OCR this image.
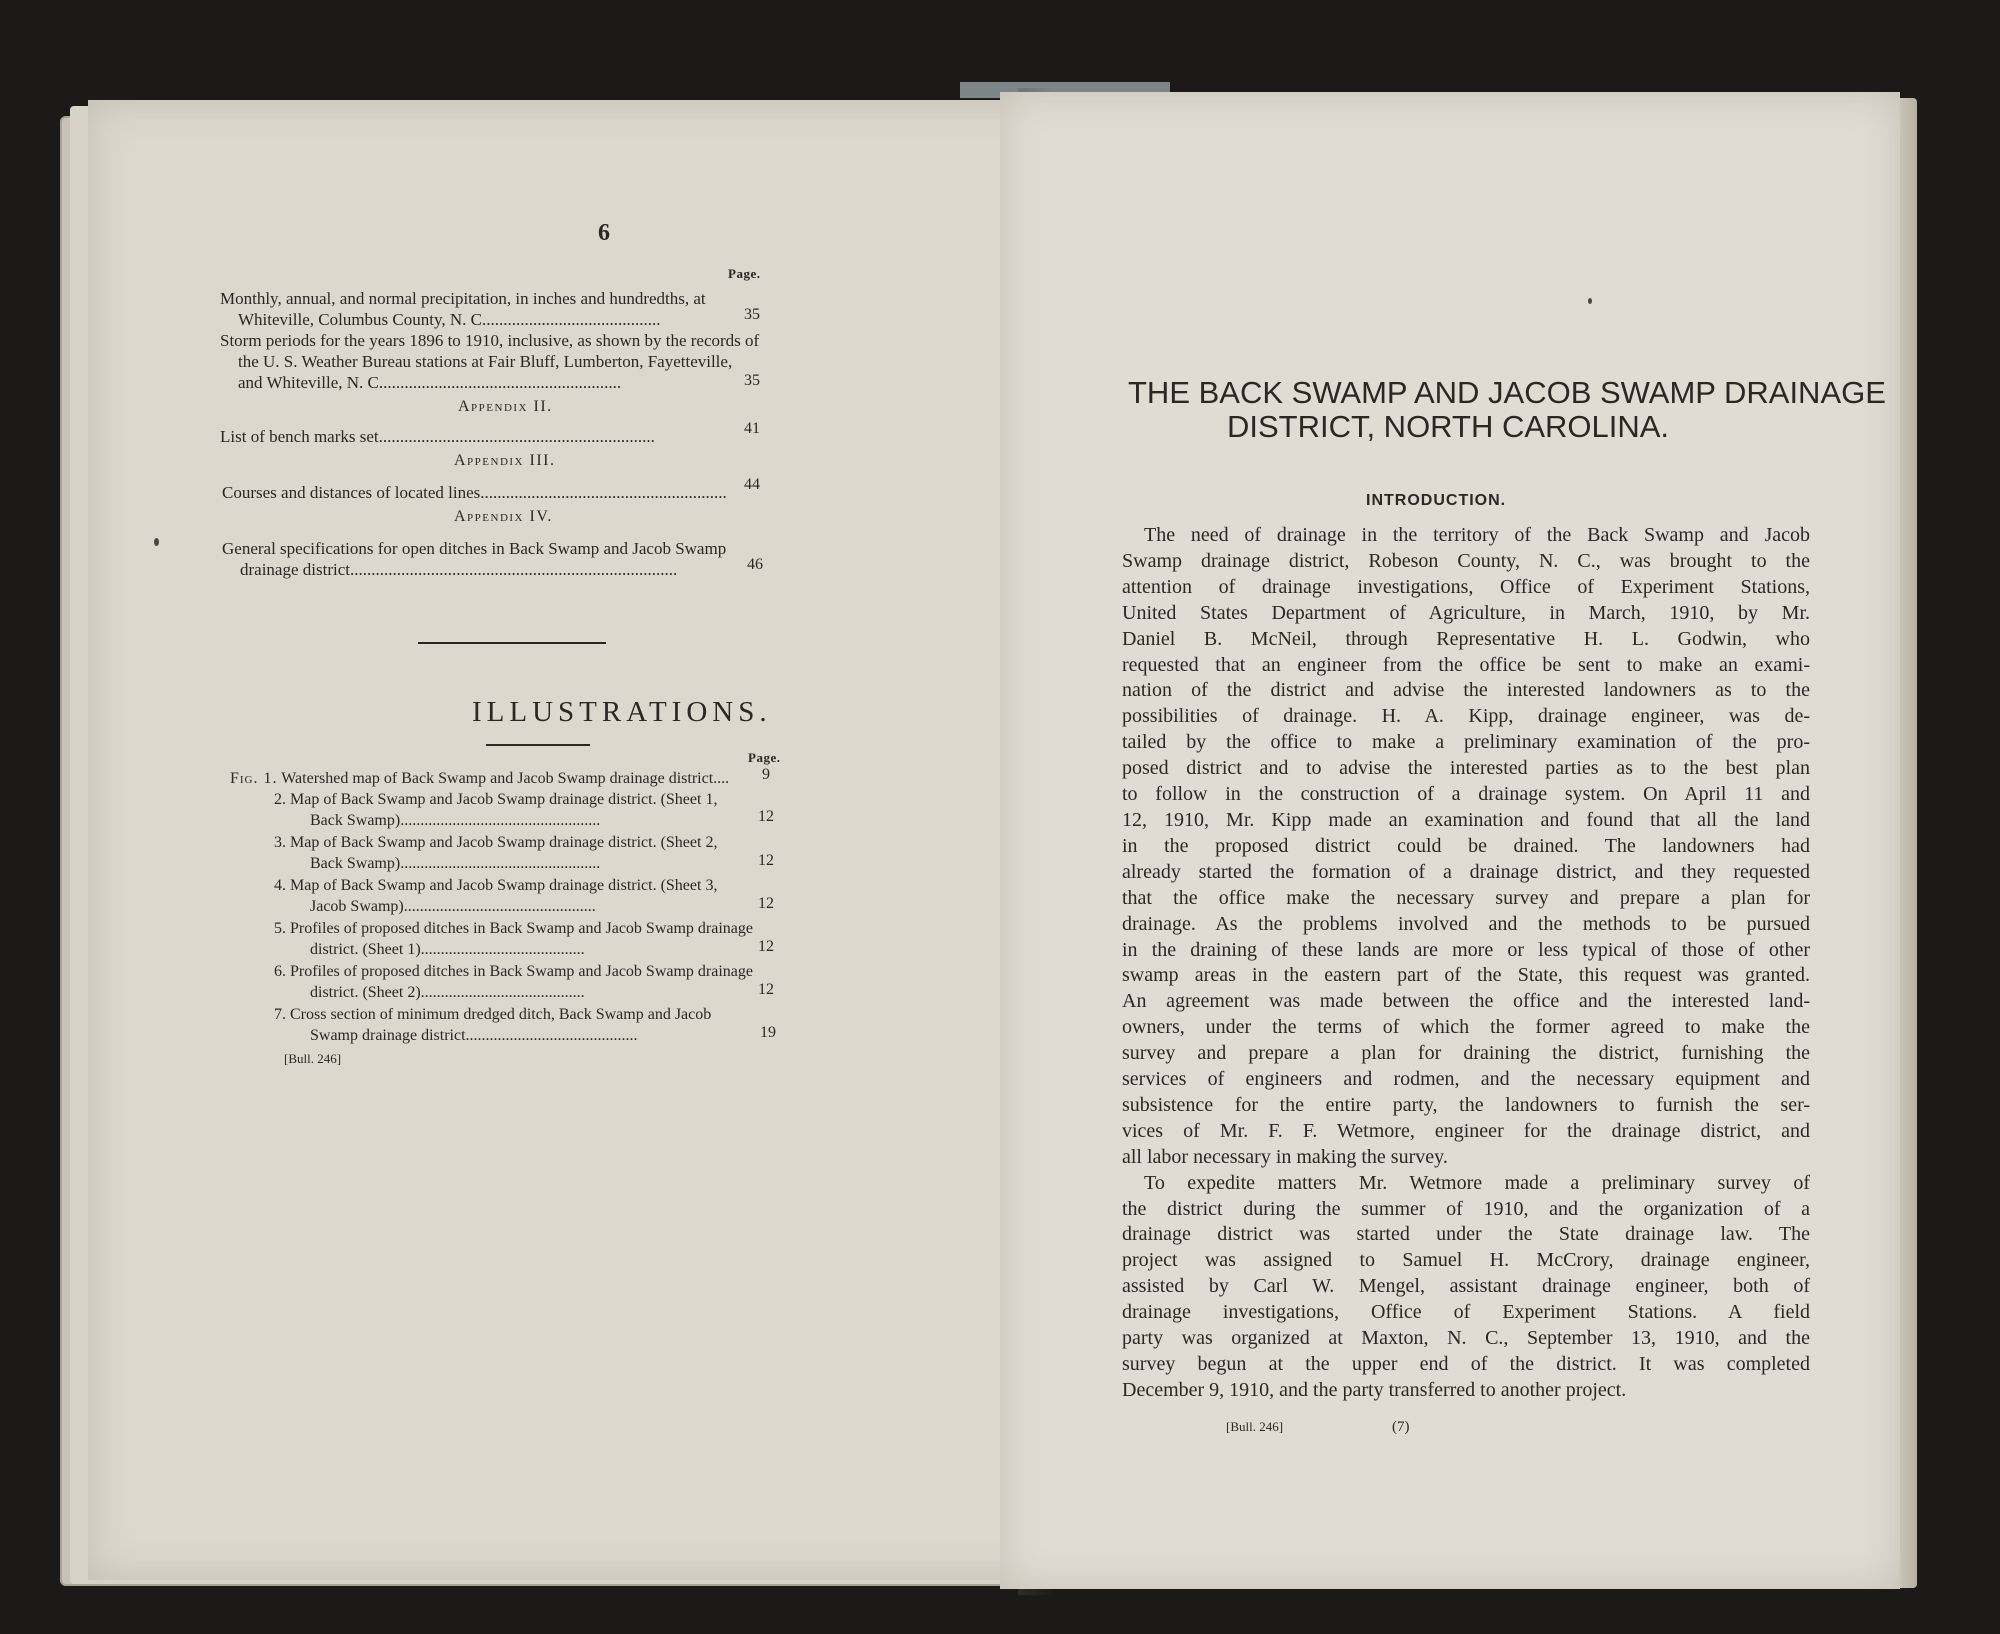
6
Page.
Monthly, annual, and normal precipitation, in inches and hundredths, at
Whiteville, Columbus County, N. C..........................................	35
Storm periods for the years 1896 to 1910, inclusive, as shown by the records of
the U. S. Weather Bureau stations at Fair Bluff, Lumberton, Fayetteville,
and Whiteville, N. C.........................................................	35
Appendix II.
List of bench marks set.................................................................	41
Appendix III.
Courses and distances of located lines..........................................................	44
Appendix IV.
General specifications for open ditches in Back Swamp and Jacob Swamp
drainage district.............................................................................	46
ILLUSTRATIONS.
Page.
Fig. 1. Watershed map of Back Swamp and Jacob Swamp drainage district....	9
2. Map of Back Swamp and Jacob Swamp drainage district. (Sheet 1,
Back Swamp)..................................................	12
3. Map of Back Swamp and Jacob Swamp drainage district. (Sheet 2,
Back Swamp)..................................................	12
4. Map of Back Swamp and Jacob Swamp drainage district. (Sheet 3,
Jacob Swamp)................................................	12
5. Profiles of proposed ditches in Back Swamp and Jacob Swamp drainage
district. (Sheet 1).........................................	12
6. Profiles of proposed ditches in Back Swamp and Jacob Swamp drainage
district. (Sheet 2).........................................	12
7. Cross section of minimum dredged ditch, Back Swamp and Jacob
Swamp drainage district...........................................	19
[Bull. 246]
THE BACK SWAMP AND JACOB SWAMP DRAINAGE
DISTRICT, NORTH CAROLINA.
INTRODUCTION.
The need of drainage in the territory of the Back Swamp and Jacob
Swamp drainage district, Robeson County, N. C., was brought to the
attention of drainage investigations, Office of Experiment Stations,
United States Department of Agriculture, in March, 1910, by Mr.
Daniel B. McNeil, through Representative H. L. Godwin, who
requested that an engineer from the office be sent to make an exami-
nation of the district and advise the interested landowners as to the
possibilities of drainage. H. A. Kipp, drainage engineer, was de-
tailed by the office to make a preliminary examination of the pro-
posed district and to advise the interested parties as to the best plan
to follow in the construction of a drainage system. On April 11 and
12, 1910, Mr. Kipp made an examination and found that all the land
in the proposed district could be drained. The landowners had
already started the formation of a drainage district, and they requested
that the office make the necessary survey and prepare a plan for
drainage. As the problems involved and the methods to be pursued
in the draining of these lands are more or less typical of those of other
swamp areas in the eastern part of the State, this request was granted.
An agreement was made between the office and the interested land-
owners, under the terms of which the former agreed to make the
survey and prepare a plan for draining the district, furnishing the
services of engineers and rodmen, and the necessary equipment and
subsistence for the entire party, the landowners to furnish the ser-
vices of Mr. F. F. Wetmore, engineer for the drainage district, and
all labor necessary in making the survey.
To expedite matters Mr. Wetmore made a preliminary survey of
the district during the summer of 1910, and the organization of a
drainage district was started under the State drainage law. The
project was assigned to Samuel H. McCrory, drainage engineer,
assisted by Carl W. Mengel, assistant drainage engineer, both of
drainage investigations, Office of Experiment Stations. A field
party was organized at Maxton, N. C., September 13, 1910, and the
survey begun at the upper end of the district. It was completed
December 9, 1910, and the party transferred to another project.
[Bull. 246]	(7)
